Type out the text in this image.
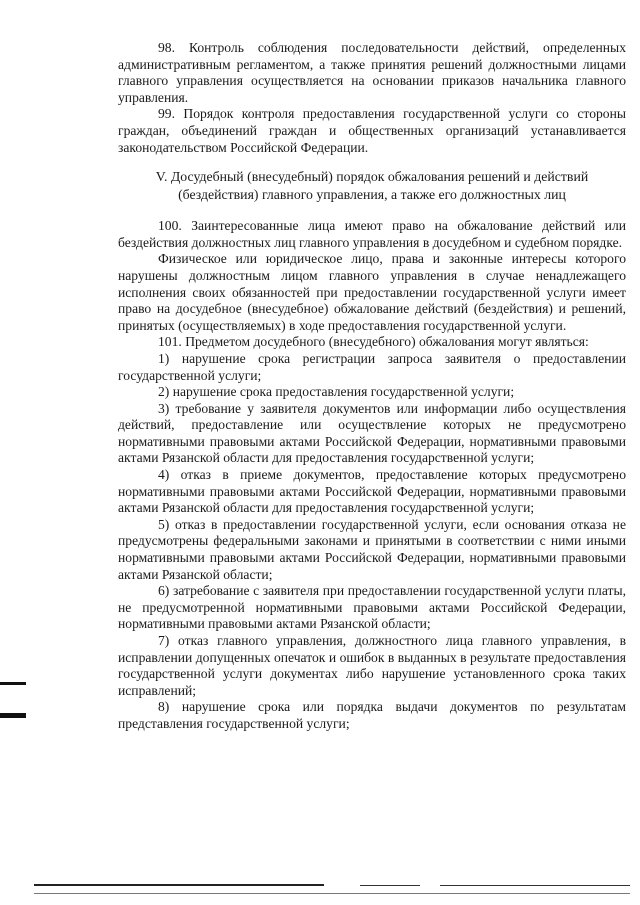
98. Контроль соблюдения последовательности действий, определенных административным регламентом, а также принятия решений должностными лицами главного управления осуществляется на основании приказов начальника главного управления.

99. Порядок контроля предоставления государственной услуги со стороны граждан, объединений граждан и общественных организаций устанавливается законодательством Российской Федерации.

V. Досудебный (внесудебный) порядок обжалования решений и действий
(бездействия) главного управления, а также его должностных лиц

100. Заинтересованные лица имеют право на обжалование действий или бездействия должностных лиц главного управления в досудебном и судебном порядке.

Физическое или юридическое лицо, права и законные интересы которого нарушены должностным лицом главного управления в случае ненадлежащего исполнения своих обязанностей при предоставлении государственной услуги имеет право на досудебное (внесудебное) обжалование действий (бездействия) и решений, принятых (осуществляемых) в ходе предоставления государственной услуги.

101. Предметом досудебного (внесудебного) обжалования могут являться:

1) нарушение срока регистрации запроса заявителя о предоставлении государственной услуги;

2) нарушение срока предоставления государственной услуги;

3) требование у заявителя документов или информации либо осуществления действий, предоставление или осуществление которых не предусмотрено нормативными правовыми актами Российской Федерации, нормативными правовыми актами Рязанской области для предоставления государственной услуги;

4) отказ в приеме документов, предоставление которых предусмотрено нормативными правовыми актами Российской Федерации, нормативными правовыми актами Рязанской области для предоставления государственной услуги;

5) отказ в предоставлении государственной услуги, если основания отказа не предусмотрены федеральными законами и принятыми в соответствии с ними иными нормативными правовыми актами Российской Федерации, нормативными правовыми актами Рязанской области;

6) затребование с заявителя при предоставлении государственной услуги платы, не предусмотренной нормативными правовыми актами Российской Федерации, нормативными правовыми актами Рязанской области;

7) отказ главного управления, должностного лица главного управления, в исправлении допущенных опечаток и ошибок в выданных в результате предоставления государственной услуги документах либо нарушение установленного срока таких исправлений;

8) нарушение срока или порядка выдачи документов по результатам представления государственной услуги;
